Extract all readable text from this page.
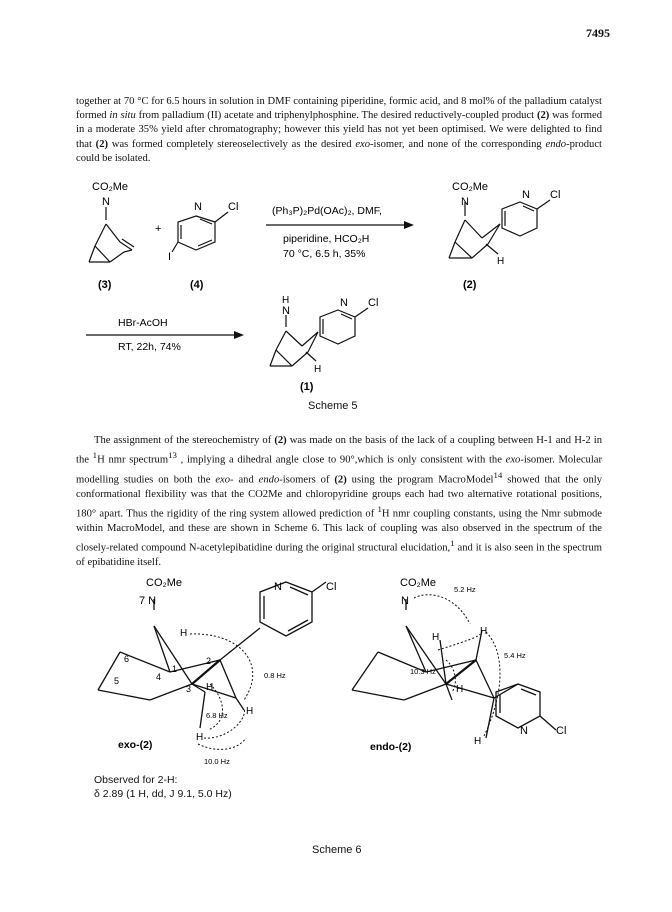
7495

together at 70 °C for 6.5 hours in solution in DMF containing piperidine, formic acid, and 8 mol% of the palladium catalyst formed in situ from palladium (II) acetate and triphenylphosphine. The desired reductively-coupled product (2) was formed in a moderate 35% yield after chromatography; however this yield has not yet been optimised. We were delighted to find that (2) was formed completely stereoselectively as the desired exo-isomer, and none of the corresponding endo-product could be isolated.

CO₂Me
N
+
N Cl
I
(3)	(4)
(Ph₃P)₂Pd(OAc)₂, DMF,
piperidine, HCO₂H
70 °C, 6.5 h, 35%
CO₂Me
N
N Cl
H
(2)
HBr-AcOH
RT, 22h, 74%
H
N
N Cl
H
(1)
Scheme 5

The assignment of the stereochemistry of (2) was made on the basis of the lack of a coupling between H-1 and H-2 in the $^1$H nmr spectrum$^{13}$ , implying a dihedral angle close to 90°,which is only consistent with the exo-isomer. Molecular modelling studies on both the exo- and endo-isomers of (2) using the program MacroModel$^{14}$ showed that the only conformational flexibility was that the CO2Me and chloropyridine groups each had two alternative rotational positions, 180° apart. Thus the rigidity of the ring system allowed prediction of $^1$H nmr coupling constants, using the Nmr submode within MacroModel, and these are shown in Scheme 6. This lack of coupling was also observed in the spectrum of the closely-related compound N-acetylepibatidine during the original structural elucidation,$^1$ and it is also seen in the spectrum of epibatidine itself.

CO₂Me
7 N
N	Cl
H
1
2
3
4
5
6
H
H
H
0.8 Hz
6.8 Hz
10.0 Hz
exo-(2)
CO₂Me
N
5.2 Hz
H
H
5.4 Hz
10.3 Hz
H
H
N	Cl
endo-(2)
Observed for 2-H:
δ 2.89 (1 H, dd, J 9.1, 5.0 Hz)
Scheme 6
